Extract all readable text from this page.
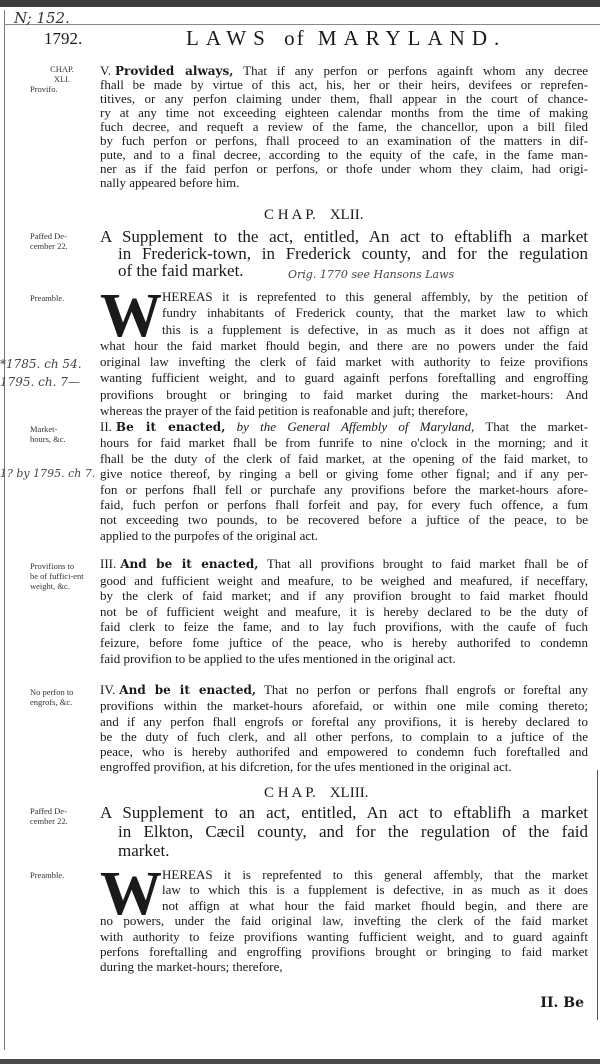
N; 152.
1792.	LAWS of MARYLAND.
CHAP.
XLI.
Provifo.
Paffed De-cember 22.
Preamble.
Market-hours, &c.
Provifions to be of fuffici-ent weight, &c.
No perfon to engrofs, &c.
Paffed De-cember 22.
Preamble.
Orig. 1770 see Hansons Laws
*1785. ch 54.
1795. ch. 7—
1? by 1795. ch 7.
V. Provided always, That if any perfon or perfons againft whom any decree
fhall be made by virtue of this act, his, her or their heirs, devifees or reprefen-
titives, or any perfon claiming under them, fhall appear in the court of chance-
ry at any time not exceeding eighteen calendar months from the time of making
fuch decree, and requeft a review of the fame, the chancellor, upon a bill filed
by fuch perfon or perfons, fhall proceed to an examination of the matters in dif-
pute, and to a final decree, according to the equity of the cafe, in the fame man-
ner as if the faid perfon or perfons, or thofe under whom they claim, had origi-
nally appeared before him.
C H A P. XLII.
A Supplement to the act, entitled, An act to eftablifh a market
in Frederick-town, in Frederick county, and for the regulation
of the faid market.
W HEREAS it is reprefented to this general affembly, by the petition of
fundry inhabitants of Frederick county, that the market law to which
this is a fupplement is defective, in as much as it does not affign at
what hour the faid market fhould begin, and there are no powers under the faid
original law invefting the clerk of faid market with authority to feize provifions
wanting fufficient weight, and to guard againft perfons foreftalling and engroffing
provifions brought or bringing to faid market during the market-hours: And
whereas the prayer of the faid petition is reafonable and juft; therefore,
II. Be it enacted, by the General Affembly of Maryland, That the market-
hours for faid market fhall be from funrife to nine o'clock in the morning; and it
fhall be the duty of the clerk of faid market, at the opening of the faid market, to
give notice thereof, by ringing a bell or giving fome other fignal; and if any per-
fon or perfons fhall fell or purchafe any provifions before the market-hours afore-
faid, fuch perfon or perfons fhall forfeit and pay, for every fuch offence, a fum
not exceeding two pounds, to be recovered before a juftice of the peace, to be
applied to the purpofes of the original act.
III. And be it enacted, That all provifions brought to faid market fhall be of
good and fufficient weight and meafure, to be weighed and meafured, if neceffary,
by the clerk of faid market; and if any provifion brought to faid market fhould
not be of fufficient weight and meafure, it is hereby declared to be the duty of
faid clerk to feize the fame, and to lay fuch provifions, with the caufe of fuch
feizure, before fome juftice of the peace, who is hereby authorifed to condemn
faid provifion to be applied to the ufes mentioned in the original act.
IV. And be it enacted, That no perfon or perfons fhall engrofs or foreftal any
provifions within the market-hours aforefaid, or within one mile coming thereto;
and if any perfon fhall engrofs or foreftal any provifions, it is hereby declared to
be the duty of fuch clerk, and all other perfons, to complain to a juftice of the
peace, who is hereby authorifed and empowered to condemn fuch foreftalled and
engroffed provifion, at his difcretion, for the ufes mentioned in the original act.
C H A P. XLIII.
A Supplement to an act, entitled, An act to eftablifh a market
in Elkton, Cæcil county, and for the regulation of the faid
market.
W HEREAS it is reprefented to this general affembly, that the market
law to which this is a fupplement is defective, in as much as it does
not affign at what hour the faid market fhould begin, and there are
no powers, under the faid original law, invefting the clerk of the faid market
with authority to feize provifions wanting fufficient weight, and to guard againft
perfons foreftalling and engroffing provifions brought or bringing to faid market
during the market-hours; therefore,
II. Be
